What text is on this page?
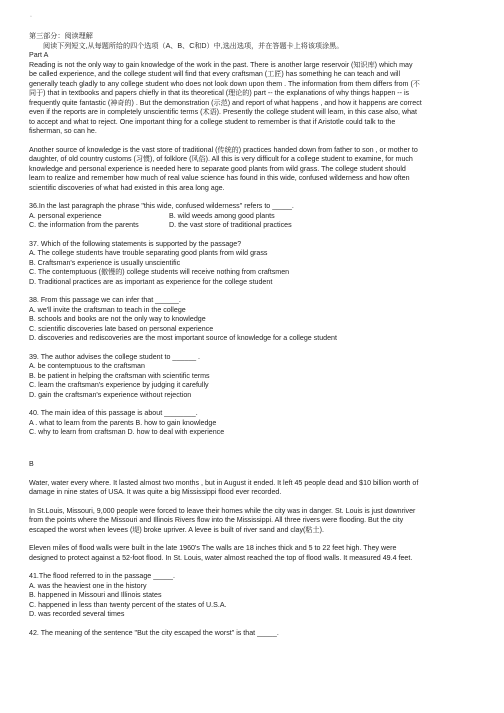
▫

第三部分：阅读理解

阅读下列短文,从每题所给的四个选项（A、B、C和D）中,选出选项，并在答题卡上将该项涂黑。

Part A

Reading is not the only way to gain knowledge of the work in the past. There is another large reservoir (知识库) which may

be called experience, and the college student will find that every craftsman (工匠) has something he can teach and will

generally teach gladly to any college student who does not look down upon them . The information from them differs from (不

同于) that in textbooks and papers chiefly in that its theoretical (理论的) part -- the explanations of why things happen -- is

frequently quite fantastic (神奇的) . But the demonstration (示范) and report of what happens , and how it happens are correct

even if the reports are in completely unscientific terms (术语). Presently the college student will learn, in this case also, what

to accept and what to reject. One important thing for a college student to remember is that if Aristotle could talk to the

fisherman, so can he.

Another source of knowledge is the vast store of traditional (传统的) practices handed down from father to son , or mother to

daughter, of old country customs (习惯), of folklore (风俗). All this is very difficult for a college student to examine, for much

knowledge and personal experience is needed here to separate good plants from wild grass. The college student should

learn to realize and remember how much of real value science has found in this wide, confused wilderness and how often

scientific discoveries of what had existed in this area long age.

36.In the last paragraph the phrase "this wide, confused wilderness" refers to _____.

A. personal experience	B. wild weeds among good plants
C. the information from the parents	D. the vast store of traditional practices

37. Which of the following statements is supported by the passage?

A. The college students have trouble separating good plants from wild grass

B. Craftsman's experience is usually unscientific

C. The contemptuous (傲慢的) college students will receive nothing from craftsmen

D. Traditional practices are as important as experience for the college student

38. From this passage we can infer that ______.

A. we'll invite the craftsman to teach in the college

B. schools and books are not the only way to knowledge

C. scientific discoveries late based on personal experience

D. discoveries and rediscoveries are the most important source of knowledge for a college student

39. The author advises the college student to ______ .

A. be contemptuous to the craftsman

B. be patient in helping the craftsman with scientific terms

C. learn the craftsman's experience by judging it carefully

D. gain the craftsman's experience without rejection

40. The main idea of this passage is about ________.

A . what to learn from the parents B. how to gain knowledge

C. why to learn from craftsman D. how to deal with experience

B

Water, water every where. It lasted almost two months , but in August it ended. It left 45 people dead and $10 billion worth of

damage in nine states of USA. It was quite a big Mississippi flood ever recorded.

In St.Louis, Missouri, 9,000 people were forced to leave their homes while the city was in danger. St. Louis is just downriver

from the points where the Missouri and Illinois Rivers flow into the Mississippi. All three rivers were flooding. But the city

escaped the worst when levees (堤) broke upriver. A levee is built of river sand and clay(粘土).

Eleven miles of flood walls were built in the late 1960's The walls are 18 inches thick and 5 to 22 feet high. They were

designed to protect against a 52-foot flood. In St. Louis, water almost reached the top of flood walls. It measured 49.4 feet.

41.The flood referred to in the passage _____.

A. was the heaviest one in the history

B. happened in Missouri and Illinois states

C. happened in less than twenty percent of the states of U.S.A.

D. was recorded several times

42. The meaning of the sentence "But the city escaped the worst" is that _____.
